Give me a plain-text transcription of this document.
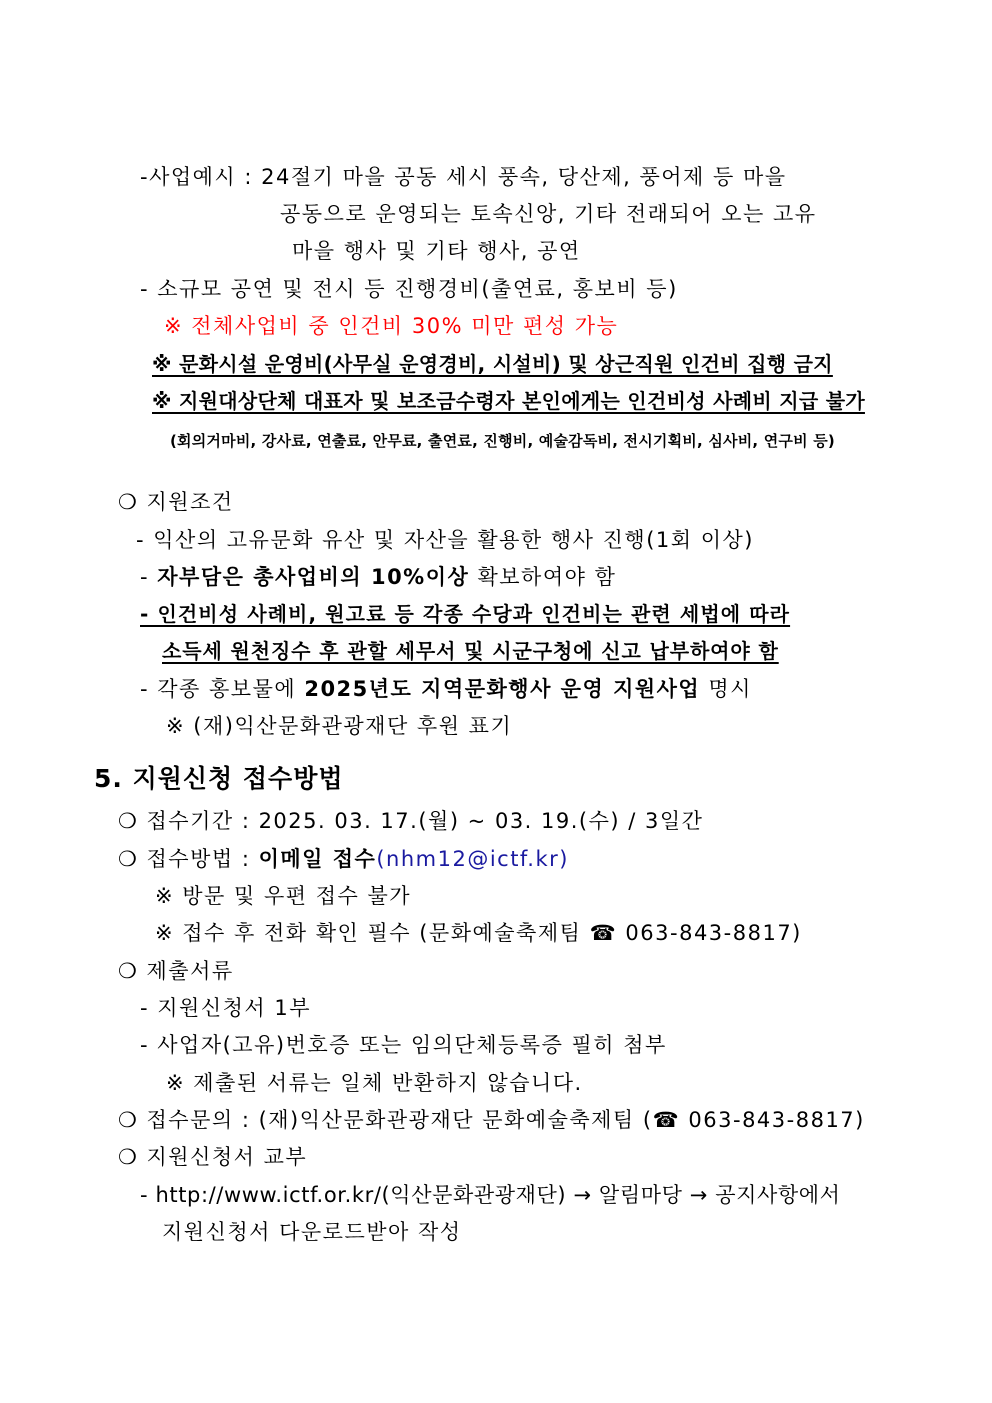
-사업예시 : 24절기 마을 공동 세시 풍속, 당산제, 풍어제 등 마을
공동으로 운영되는 토속신앙, 기타 전래되어 오는 고유
마을 행사 및 기타 행사, 공연
- 소규모 공연 및 전시 등 진행경비(출연료, 홍보비 등)
※ 전체사업비 중 인건비 30% 미만 편성 가능
※ 문화시설 운영비(사무실 운영경비, 시설비) 및 상근직원 인건비 집행 금지
※ 지원대상단체 대표자 및 보조금수령자 본인에게는 인건비성 사례비 지급 불가
(회의거마비, 강사료, 연출료, 안무료, 출연료, 진행비, 예술감독비, 전시기획비, 심사비, 연구비 등)
❍ 지원조건
- 익산의 고유문화 유산 및 자산을 활용한 행사 진행(1회 이상)
- 자부담은 총사업비의 10%이상 확보하여야 함
- 인건비성 사례비, 원고료 등 각종 수당과 인건비는 관련 세법에 따라
소득세 원천징수 후 관할 세무서 및 시군구청에 신고 납부하여야 함
- 각종 홍보물에 2025년도 지역문화행사 운영 지원사업 명시
※ (재)익산문화관광재단 후원 표기
5. 지원신청 접수방법
❍ 접수기간 : 2025. 03. 17.(월) ~ 03. 19.(수) / 3일간
❍ 접수방법 : 이메일 접수(nhm12@ictf.kr)
※ 방문 및 우편 접수 불가
※ 접수 후 전화 확인 필수 (문화예술축제팀 ☎ 063-843-8817)
❍ 제출서류
- 지원신청서 1부
- 사업자(고유)번호증 또는 임의단체등록증 필히 첨부
※ 제출된 서류는 일체 반환하지 않습니다.
❍ 접수문의 : (재)익산문화관광재단 문화예술축제팀 (☎ 063-843-8817)
❍ 지원신청서 교부
- http://www.ictf.or.kr/(익산문화관광재단) → 알림마당 → 공지사항에서
지원신청서 다운로드받아 작성
